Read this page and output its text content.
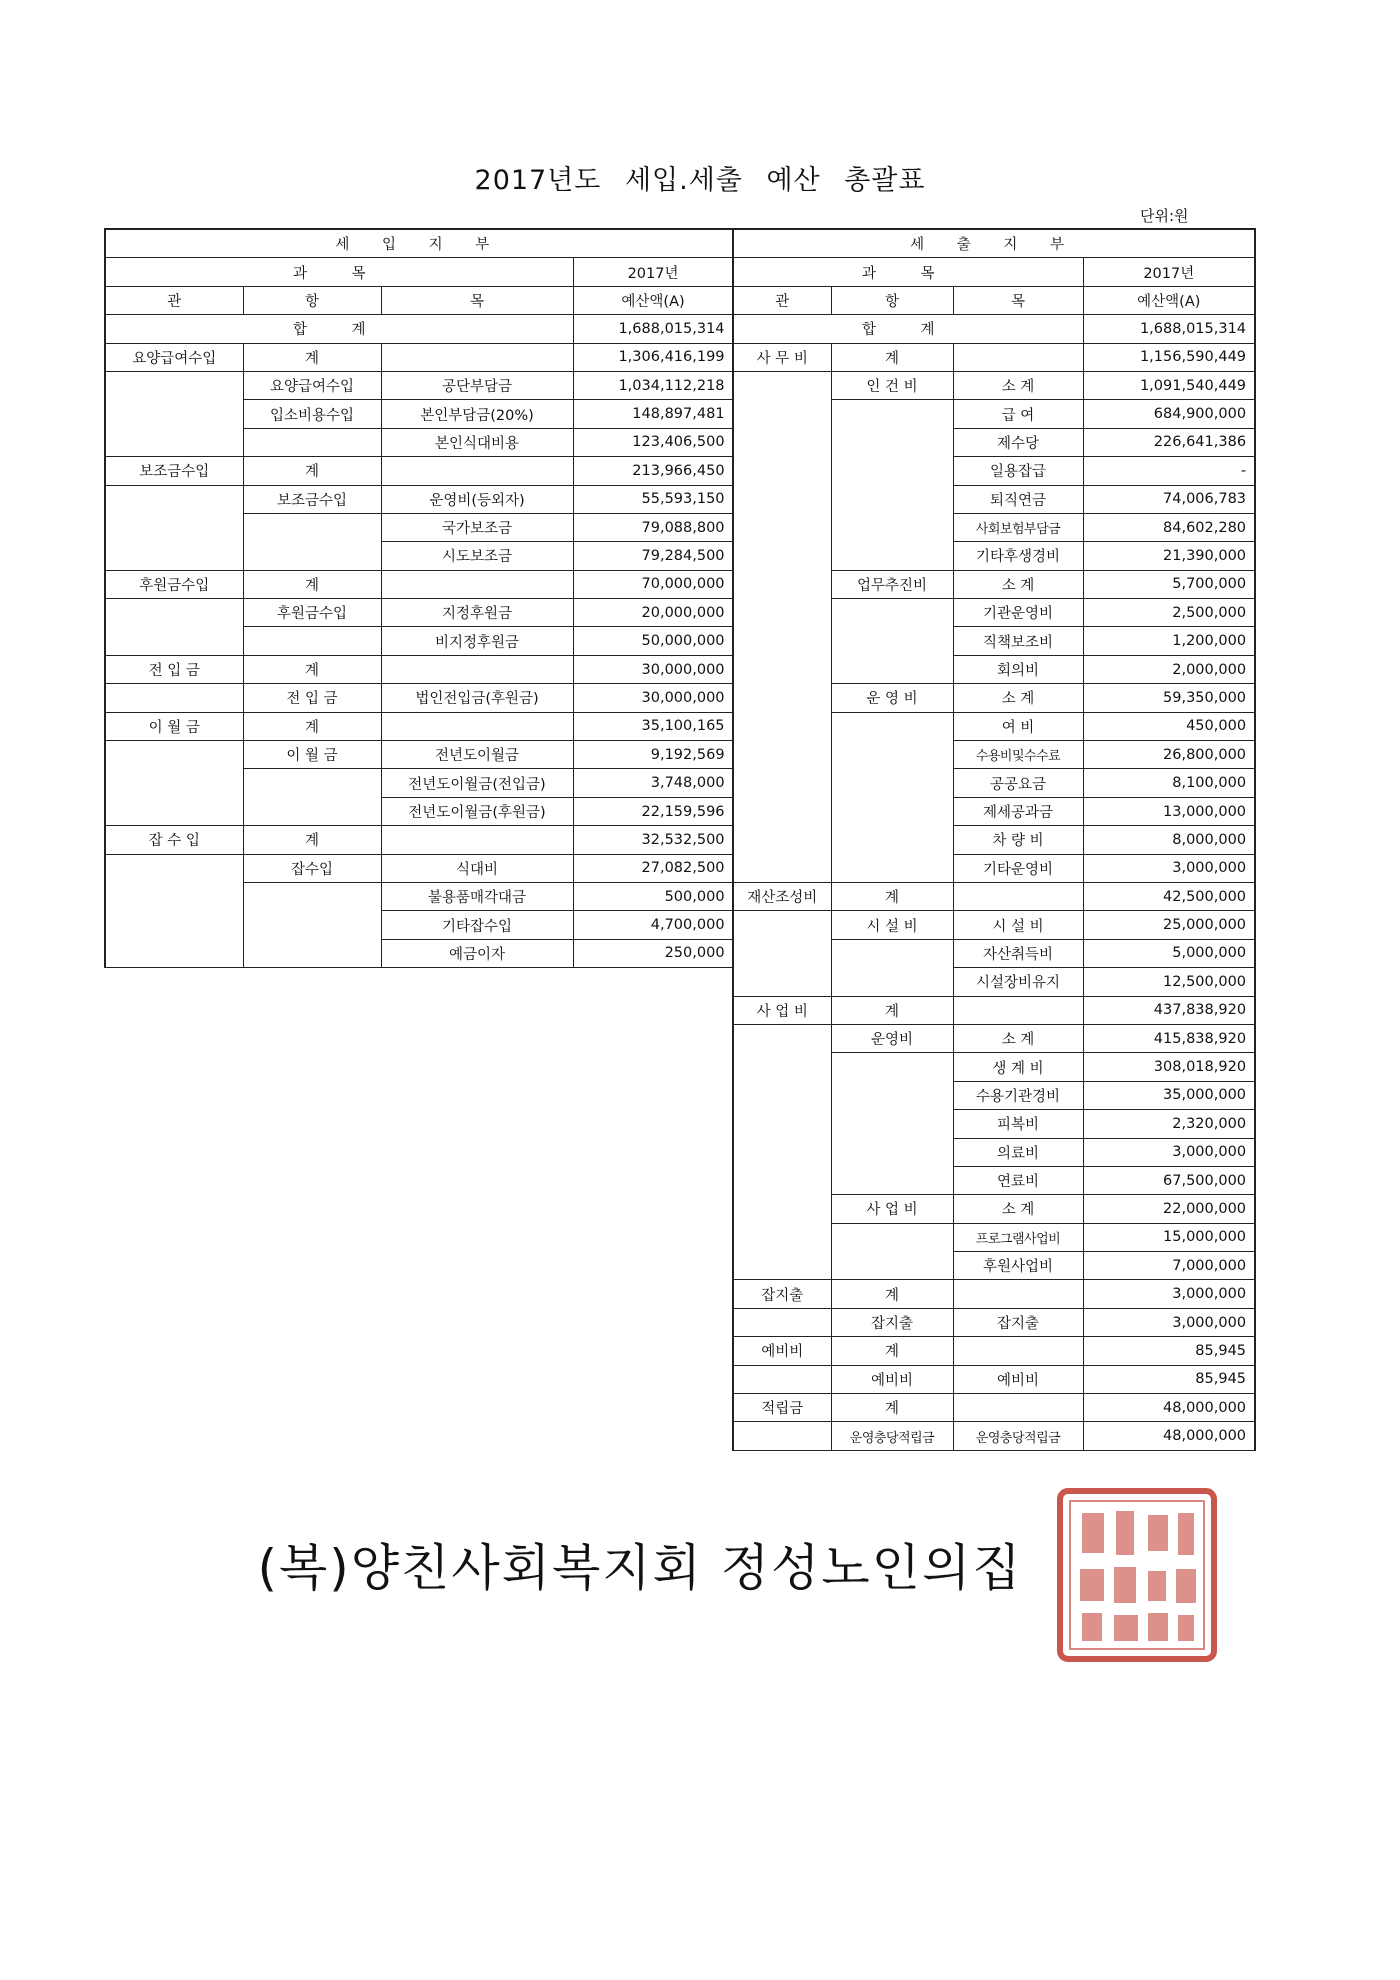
2017년도 세입.세출 예산 총괄표
단위:원
세 입 지 부			
과 목			2017년
관	항	목	예산액(A)
합 계			1,688,015,314
요양급여수입	계		1,306,416,199
	요양급여수입	공단부담금	1,034,112,218
	입소비용수입	본인부담금(20%)	148,897,481
		본인식대비용	123,406,500
보조금수입	계		213,966,450
	보조금수입	운영비(등외자)	55,593,150
		국가보조금	79,088,800
		시도보조금	79,284,500
후원금수입	계		70,000,000
	후원금수입	지정후원금	20,000,000
		비지정후원금	50,000,000
전 입 금	계		30,000,000
	전 입 금	법인전입금(후원금)	30,000,000
이 월 금	계		35,100,165
	이 월 금	전년도이월금	9,192,569
		전년도이월금(전입금)	3,748,000
		전년도이월금(후원금)	22,159,596
잡 수 입	계		32,532,500
	잡수입	식대비	27,082,500
		불용품매각대금	500,000
		기타잡수입	4,700,000
		예금이자	250,000
세 출 지 부			
과 목			2017년
관	항	목	예산액(A)
합 계			1,688,015,314
사 무 비	계		1,156,590,449
	인 건 비	소 계	1,091,540,449
		급 여	684,900,000
		제수당	226,641,386
		일용잡급	-
		퇴직연금	74,006,783
		사회보험부담금	84,602,280
		기타후생경비	21,390,000
	업무추진비	소 계	5,700,000
		기관운영비	2,500,000
		직책보조비	1,200,000
		회의비	2,000,000
	운 영 비	소 계	59,350,000
		여 비	450,000
		수용비및수수료	26,800,000
		공공요금	8,100,000
		제세공과금	13,000,000
		차 량 비	8,000,000
		기타운영비	3,000,000
재산조성비	계		42,500,000
	시 설 비	시 설 비	25,000,000
		자산취득비	5,000,000
		시설장비유지	12,500,000
사 업 비	계		437,838,920
	운영비	소 계	415,838,920
		생 계 비	308,018,920
		수용기관경비	35,000,000
		피복비	2,320,000
		의료비	3,000,000
		연료비	67,500,000
	사 업 비	소 계	22,000,000
		프로그램사업비	15,000,000
		후원사업비	7,000,000
잡지출	계		3,000,000
	잡지출	잡지출	3,000,000
예비비	계		85,945
	예비비	예비비	85,945
적립금	계		48,000,000
	운영충당적립금	운영충당적립금	48,000,000
(복)양친사회복지회 정성노인의집
